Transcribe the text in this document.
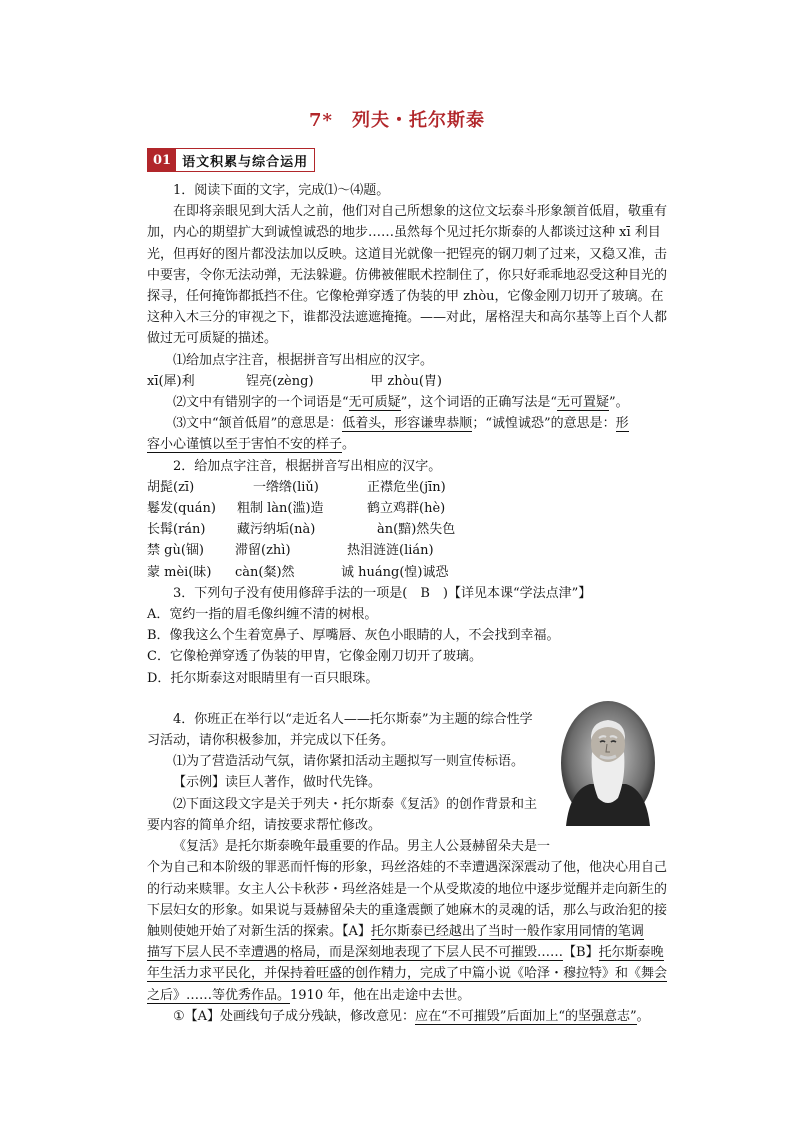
7*　列夫・托尔斯泰
01 语文积累与综合运用

1．阅读下面的文字，完成⑴～⑷题。

在即将亲眼见到大活人之前，他们对自己所想象的这位文坛泰斗形象颔首低眉，敬重有

加，内心的期望扩大到诚惶诚恐的地步……虽然每个见过托尔斯泰的人都谈过这种 xī 利目

光，但再好的图片都没法加以反映。这道目光就像一把锃亮的钢刀刺了过来，又稳又准，击

中要害，令你无法动弹，无法躲避。仿佛被催眠术控制住了，你只好乖乖地忍受这种目光的

探寻，任何掩饰都抵挡不住。它像枪弹穿透了伪装的甲 zhòu，它像金刚刀切开了玻璃。在

这种入木三分的审视之下，谁都没法遮遮掩掩。——对此，屠格涅夫和高尔基等上百个人都

做过无可质疑的描述。

⑴给加点字注音，根据拼音写出相应的汉字。

xī(犀)利	锃亮(zèng)	甲 zhòu(胄)

⑵文中有错别字的一个词语是“无可质疑”，这个词语的正确写法是“无可置疑”。

⑶文中“颔首低眉”的意思是：低着头，形容谦卑恭顺；“诚惶诚恐”的意思是：形

容小心谨慎以至于害怕不安的样子。

2．给加点字注音，根据拼音写出相应的汉字。

胡髭(zī)	一绺绺(liǔ)	正襟危坐(jīn)

鬈发(quán) 粗制 làn(滥)造	鹤立鸡群(hè)

长髯(rán) 藏污纳垢(nà)	àn(黯)然失色

禁 gù(锢) 滞留(zhì)	热泪涟涟(lián)

蒙 mèi(昧) càn(粲)然	诚 huáng(惶)诚恐

3．下列句子没有使用修辞手法的一项是(　B　)【详见本课“学法点津”】

A．宽约一指的眉毛像纠缠不清的树根。

B．像我这么个生着宽鼻子、厚嘴唇、灰色小眼睛的人，不会找到幸福。

C．它像枪弹穿透了伪装的甲胄，它像金刚刀切开了玻璃。

D．托尔斯泰这对眼睛里有一百只眼珠。

4．你班正在举行以“走近名人——托尔斯泰”为主题的综合性学

习活动，请你积极参加，并完成以下任务。

⑴为了营造活动气氛，请你紧扣活动主题拟写一则宣传标语。

【示例】读巨人著作，做时代先锋。

⑵下面这段文字是关于列夫・托尔斯泰《复活》的创作背景和主

要内容的简单介绍，请按要求帮忙修改。

《复活》是托尔斯泰晚年最重要的作品。男主人公聂赫留朵夫是一

个为自己和本阶级的罪恶而忏悔的形象，玛丝洛娃的不幸遭遇深深震动了他，他决心用自己

的行动来赎罪。女主人公卡秋莎・玛丝洛娃是一个从受欺凌的地位中逐步觉醒并走向新生的

下层妇女的形象。如果说与聂赫留朵夫的重逢震颤了她麻木的灵魂的话，那么与政治犯的接

触则使她开始了对新生活的探索。【A】托尔斯泰已经越出了当时一般作家用同情的笔调

描写下层人民不幸遭遇的格局，而是深刻地表现了下层人民不可摧毁……【B】托尔斯泰晚

年生活力求平民化，并保持着旺盛的创作精力，完成了中篇小说《哈泽・穆拉特》和《舞会

之后》……等优秀作品。1910 年，他在出走途中去世。

①【A】处画线句子成分残缺，修改意见：应在“不可摧毁”后面加上“的坚强意志”。
